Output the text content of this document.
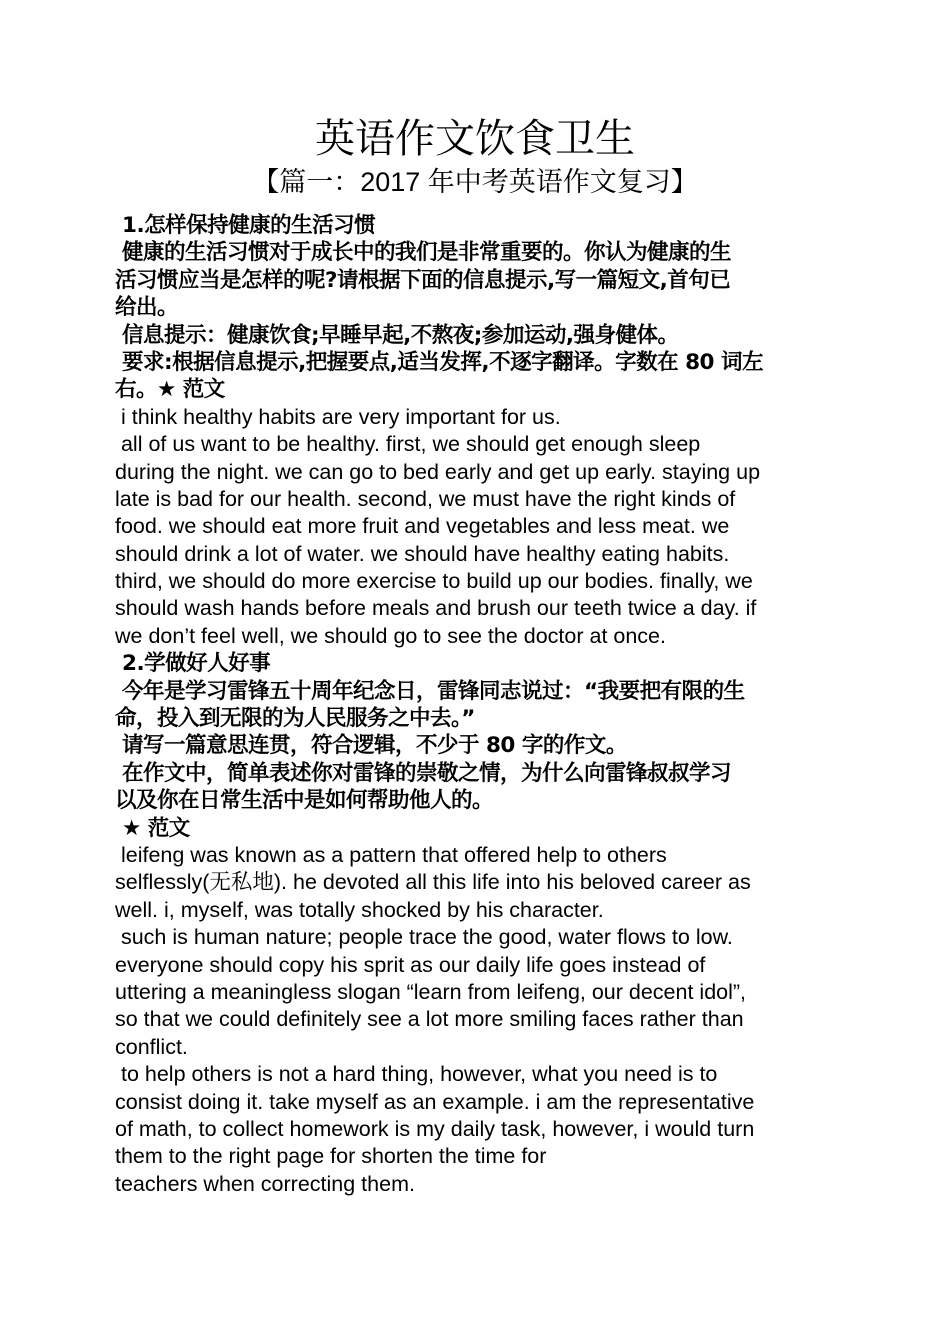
英语作文饮食卫生
【篇一：2017 年中考英语作文复习】
1.怎样保持健康的生活习惯
健康的生活习惯对于成长中的我们是非常重要的。你认为健康的生
活习惯应当是怎样的呢?请根据下面的信息提示,写一篇短文,首句已
给出。
信息提示：健康饮食;早睡早起,不熬夜;参加运动,强身健体。
要求:根据信息提示,把握要点,适当发挥,不逐字翻译。字数在 80 词左
右。★ 范文
i think healthy habits are very important for us.
all of us want to be healthy. first, we should get enough sleep
during the night. we can go to bed early and get up early. staying up
late is bad for our health. second, we must have the right kinds of
food. we should eat more fruit and vegetables and less meat. we
should drink a lot of water. we should have healthy eating habits.
third, we should do more exercise to build up our bodies. finally, we
should wash hands before meals and brush our teeth twice a day. if
we don’t feel well, we should go to see the doctor at once.
2.学做好人好事
今年是学习雷锋五十周年纪念日，雷锋同志说过：“我要把有限的生
命，投入到无限的为人民服务之中去。”
请写一篇意思连贯，符合逻辑，不少于 80 字的作文。
在作文中，简单表述你对雷锋的崇敬之情，为什么向雷锋叔叔学习
以及你在日常生活中是如何帮助他人的。
★ 范文
leifeng was known as a pattern that offered help to others
selflessly(无私地). he devoted all this life into his beloved career as
well. i, myself, was totally shocked by his character.
such is human nature; people trace the good, water flows to low.
everyone should copy his sprit as our daily life goes instead of
uttering a meaningless slogan “learn from leifeng, our decent idol”,
so that we could definitely see a lot more smiling faces rather than
conflict.
to help others is not a hard thing, however, what you need is to
consist doing it. take myself as an example. i am the representative
of math, to collect homework is my daily task, however, i would turn
them to the right page for shorten the time for
teachers when correcting them.
